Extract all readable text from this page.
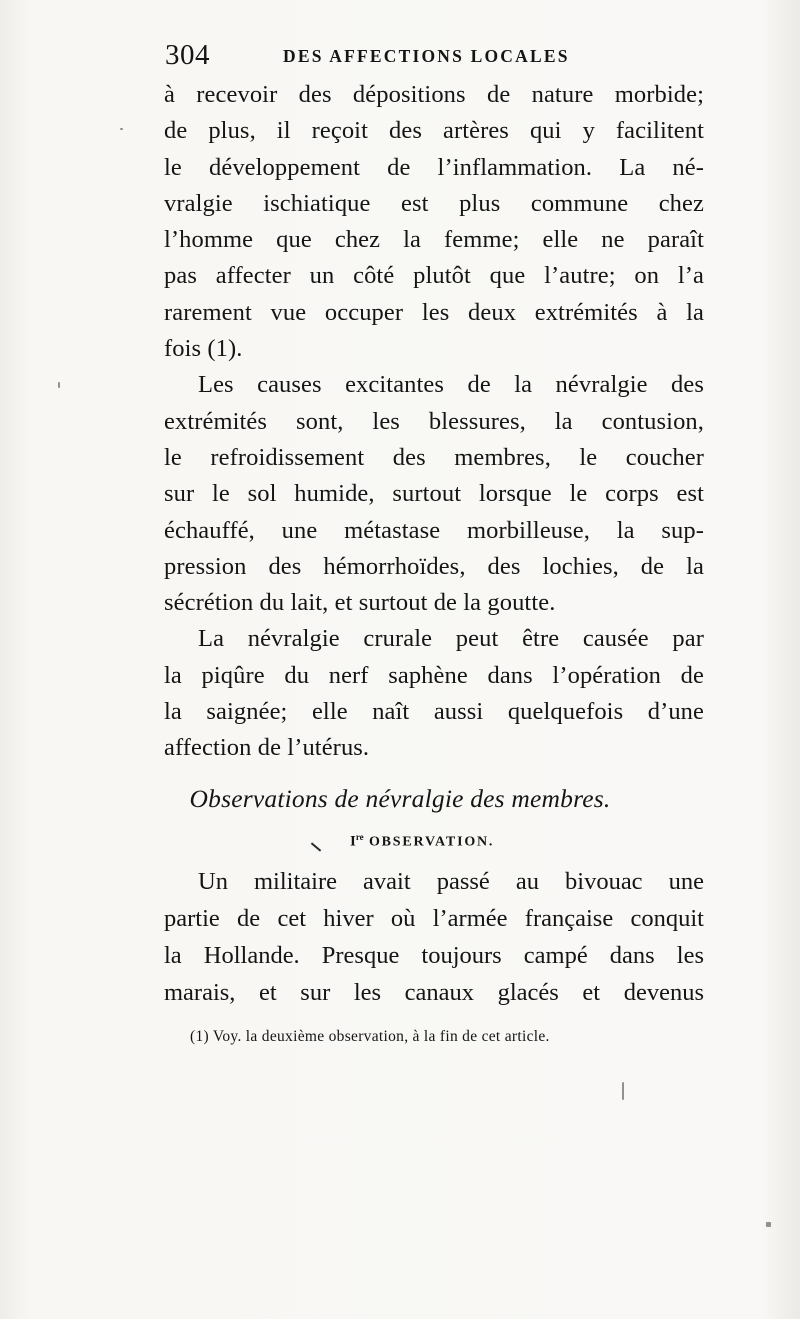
304	DES AFFECTIONS LOCALES
à recevoir des dépositions de nature morbide;
de plus, il reçoit des artères qui y facilitent
le développement de l’inflammation. La né-
vralgie ischiatique est plus commune chez
l’homme que chez la femme; elle ne paraît
pas affecter un côté plutôt que l’autre; on l’a
rarement vue occuper les deux extrémités à la
fois (1).
Les causes excitantes de la névralgie des
extrémités sont, les blessures, la contusion,
le refroidissement des membres, le coucher
sur le sol humide, surtout lorsque le corps est
échauffé, une métastase morbilleuse, la sup-
pression des hémorrhoïdes, des lochies, de la
sécrétion du lait, et surtout de la goutte.
La névralgie crurale peut être causée par
la piqûre du nerf saphène dans l’opération de
la saignée; elle naît aussi quelquefois d’une
affection de l’utérus.
Observations de névralgie des membres.
Ire OBSERVATION.
Un militaire avait passé au bivouac une
partie de cet hiver où l’armée française conquit
la Hollande. Presque toujours campé dans les
marais, et sur les canaux glacés et devenus
(1) Voy. la deuxième observation, à la fin de cet article.
